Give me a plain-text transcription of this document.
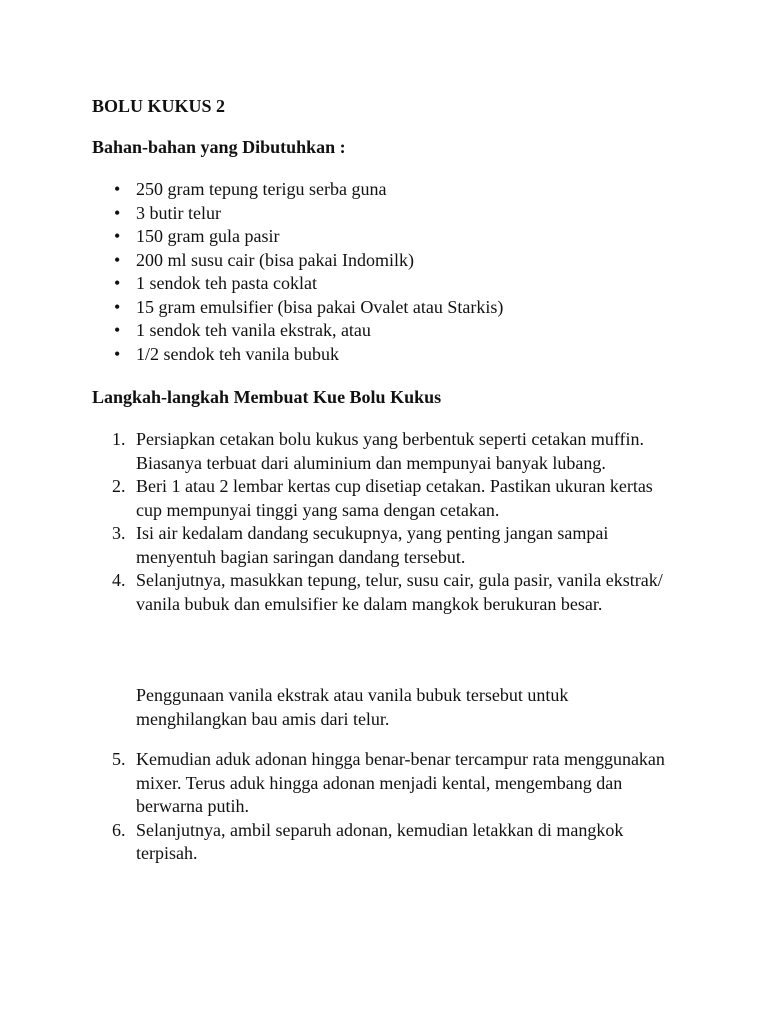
BOLU KUKUS 2

Bahan-bahan yang Dibutuhkan :

• 250 gram tepung terigu serba guna
• 3 butir telur
• 150 gram gula pasir
• 200 ml susu cair (bisa pakai Indomilk)
• 1 sendok teh pasta coklat
• 15 gram emulsifier (bisa pakai Ovalet atau Starkis)
• 1 sendok teh vanila ekstrak, atau
• 1/2 sendok teh vanila bubuk

Langkah-langkah Membuat Kue Bolu Kukus

1. Persiapkan cetakan bolu kukus yang berbentuk seperti cetakan muffin. Biasanya terbuat dari aluminium dan mempunyai banyak lubang.
2. Beri 1 atau 2 lembar kertas cup disetiap cetakan. Pastikan ukuran kertas cup mempunyai tinggi yang sama dengan cetakan.
3. Isi air kedalam dandang secukupnya, yang penting jangan sampai menyentuh bagian saringan dandang tersebut.
4. Selanjutnya, masukkan tepung, telur, susu cair, gula pasir, vanila ekstrak/ vanila bubuk dan emulsifier ke dalam mangkok berukuran besar.

Penggunaan vanila ekstrak atau vanila bubuk tersebut untuk menghilangkan bau amis dari telur.

5. Kemudian aduk adonan hingga benar-benar tercampur rata menggunakan mixer. Terus aduk hingga adonan menjadi kental, mengembang dan berwarna putih.
6. Selanjutnya, ambil separuh adonan, kemudian letakkan di mangkok terpisah.
